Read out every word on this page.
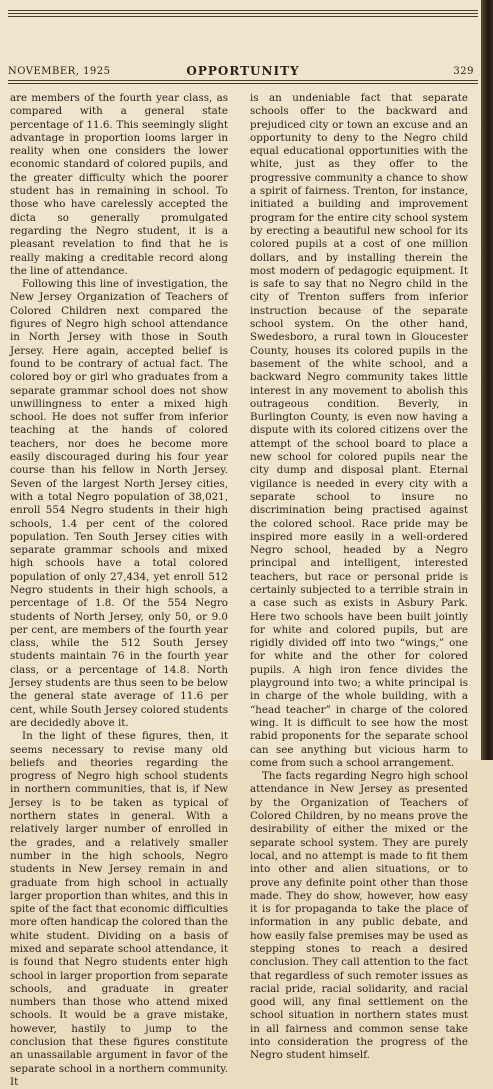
NOVEMBER, 1925	OPPORTUNITY	329

are members of the fourth year class, as compared with a general state percentage of 11.6. This seemingly slight advantage in proportion looms larger in reality when one considers the lower economic standard of colored pupils, and the greater difficulty which the poorer student has in remaining in school. To those who have carelessly accepted the dicta so generally promulgated regarding the Negro student, it is a pleasant revelation to find that he is really making a creditable record along the line of attendance.

Following this line of investigation, the New Jersey Organization of Teachers of Colored Children next compared the figures of Negro high school attendance in North Jersey with those in South Jersey. Here again, accepted belief is found to be contrary of actual fact. The colored boy or girl who graduates from a separate grammar school does not show unwillingness to enter a mixed high school. He does not suffer from inferior teaching at the hands of colored teachers, nor does he become more easily discouraged during his four year course than his fellow in North Jersey. Seven of the largest North Jersey cities, with a total Negro population of 38,021, enroll 554 Negro students in their high schools, 1.4 per cent of the colored population. Ten South Jersey cities with separate grammar schools and mixed high schools have a total colored population of only 27,434, yet enroll 512 Negro students in their high schools, a percentage of 1.8. Of the 554 Negro students of North Jersey, only 50, or 9.0 per cent, are members of the fourth year class, while the 512 South Jersey students maintain 76 in the fourth year class, or a percentage of 14.8. North Jersey students are thus seen to be below the general state average of 11.6 per cent, while South Jersey colored students are decidedly above it.

In the light of these figures, then, it seems necessary to revise many old beliefs and theories regarding the progress of Negro high school students in northern communities, that is, if New Jersey is to be taken as typical of northern states in general. With a relatively larger number of enrolled in the grades, and a relatively smaller number in the high schools, Negro students in New Jersey remain in and graduate from high school in actually larger proportion than whites, and this in spite of the fact that economic difficulties more often handicap the colored than the white student. Dividing on a basis of mixed and separate school attendance, it is found that Negro students enter high school in larger proportion from separate schools, and graduate in greater numbers than those who attend mixed schools. It would be a grave mistake, however, hastily to jump to the conclusion that these figures constitute an unassailable argument in favor of the separate school in a northern community. It

is an undeniable fact that separate schools offer to the backward and prejudiced city or town an excuse and an opportunity to deny to the Negro child equal educational opportunities with the white, just as they offer to the progressive community a chance to show a spirit of fairness. Trenton, for instance, initiated a building and improvement program for the entire city school system by erecting a beautiful new school for its colored pupils at a cost of one million dollars, and by installing therein the most modern of pedagogic equipment. It is safe to say that no Negro child in the city of Trenton suffers from inferior instruction because of the separate school system. On the other hand, Swedesboro, a rural town in Gloucester County, houses its colored pupils in the basement of the white school, and a backward Negro community takes little interest in any movement to abolish this outrageous condition. Beverly, in Burlington County, is even now having a dispute with its colored citizens over the attempt of the school board to place a new school for colored pupils near the city dump and disposal plant. Eternal vigilance is needed in every city with a separate school to insure no discrimination being practised against the colored school. Race pride may be inspired more easily in a well-ordered Negro school, headed by a Negro principal and intelligent, interested teachers, but race or personal pride is certainly subjected to a terrible strain in a case such as exists in Asbury Park. Here two schools have been built jointly for white and colored pupils, but are rigidly divided off into two “wings,” one for white and the other for colored pupils. A high iron fence divides the playground into two; a white principal is in charge of the whole building, with a “head teacher” in charge of the colored wing. It is difficult to see how the most rabid proponents for the separate school can see anything but vicious harm to come from such a school arrangement.

The facts regarding Negro high school attendance in New Jersey as presented by the Organization of Teachers of Colored Children, by no means prove the desirability of either the mixed or the separate school system. They are purely local, and no attempt is made to fit them into other and alien situations, or to prove any definite point other than those made. They do show, however, how easy it is for propaganda to take the place of information in any public debate, and how easily false premises may be used as stepping stones to reach a desired conclusion. They call attention to the fact that regardless of such remoter issues as racial pride, racial solidarity, and racial good will, any final settlement on the school situation in northern states must in all fairness and common sense take into consideration the progress of the Negro student himself.
